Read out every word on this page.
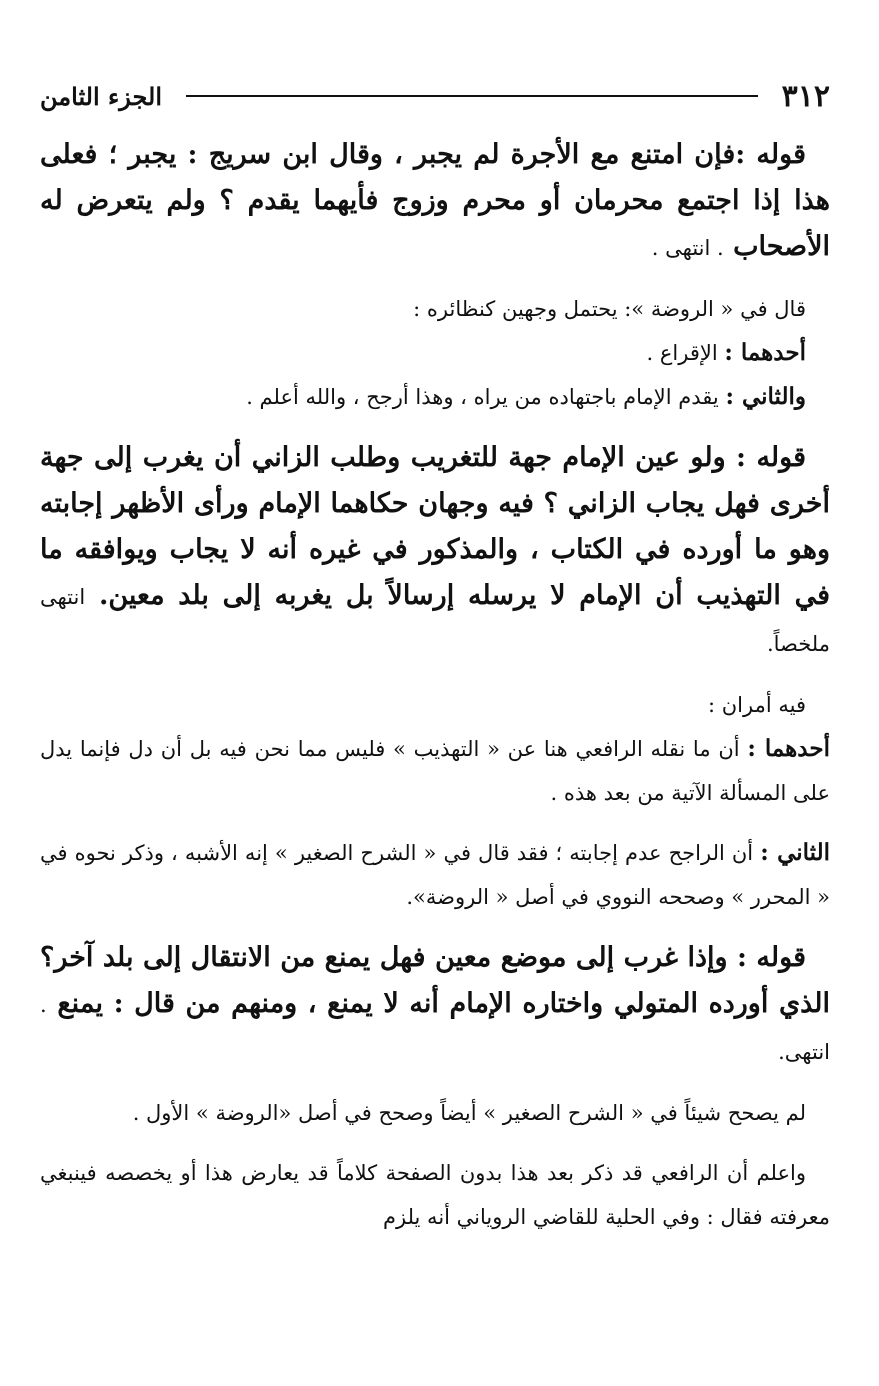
٣١٢
الجزء الثامن

قوله :فإن امتنع مع الأجرة لم يجبر ، وقال ابن سريج : يجبر ؛ فعلى هذا إذا اجتمع محرمان أو محرم وزوج فأيهما يقدم ؟ ولم يتعرض له الأصحاب . انتهى .

قال في « الروضة »: يحتمل وجهين كنظائره :

أحدهما : الإقراع .

والثاني : يقدم الإمام باجتهاده من يراه ، وهذا أرجح ، والله أعلم .

قوله : ولو عين الإمام جهة للتغريب وطلب الزاني أن يغرب إلى جهة أخرى فهل يجاب الزاني ؟ فيه وجهان حكاهما الإمام ورأى الأظهر إجابته وهو ما أورده في الكتاب ، والمذكور في غيره أنه لا يجاب ويوافقه ما في التهذيب أن الإمام لا يرسله إرسالاً بل يغربه إلى بلد معين. انتهى ملخصاً.

فيه أمران :

أحدهما : أن ما نقله الرافعي هنا عن « التهذيب » فليس مما نحن فيه بل أن دل فإنما يدل على المسألة الآتية من بعد هذه .

الثاني : أن الراجح عدم إجابته ؛ فقد قال في « الشرح الصغير » إنه الأشبه ، وذكر نحوه في « المحرر » وصححه النووي في أصل « الروضة».

قوله : وإذا غرب إلى موضع معين فهل يمنع من الانتقال إلى بلد آخر؟ الذي أورده المتولي واختاره الإمام أنه لا يمنع ، ومنهم من قال : يمنع . انتهى.

لم يصحح شيئاً في « الشرح الصغير » أيضاً وصحح في أصل «الروضة » الأول .

واعلم أن الرافعي قد ذكر بعد هذا بدون الصفحة كلاماً قد يعارض هذا أو يخصصه فينبغي معرفته فقال : وفي الحلية للقاضي الروياني أنه يلزم
